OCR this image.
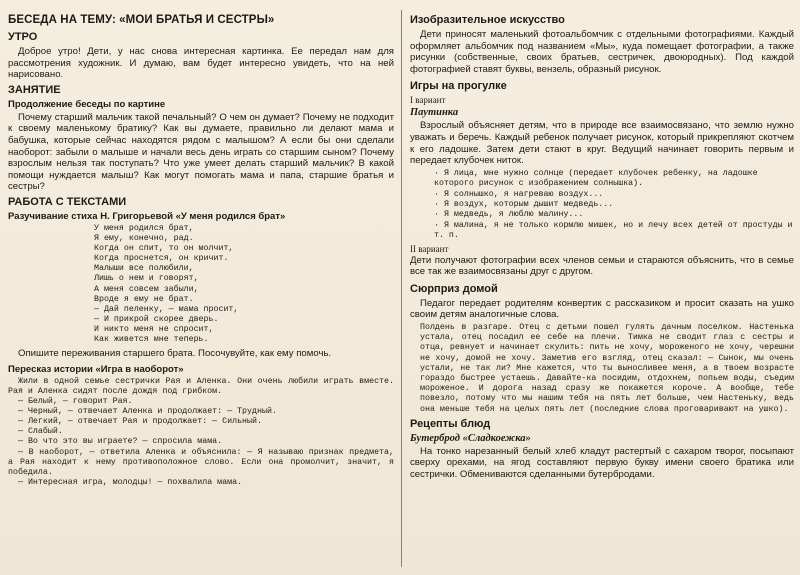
БЕСЕДА НА ТЕМУ: «МОИ БРАТЬЯ И СЕСТРЫ»
УТРО
Доброе утро! Дети, у нас снова интересная картинка. Ее передал нам для рассмотрения художник. И думаю, вам будет интересно увидеть, что на ней нарисовано.
ЗАНЯТИЕ
Продолжение беседы по картине
Почему старший мальчик такой печальный? О чем он думает? Почему не подходит к своему маленькому братику? Как вы думаете, правильно ли делают мама и бабушка, которые сейчас находятся рядом с малышом? А если бы они сделали наоборот: забыли о малыше и начали весь день играть со старшим сыном? Почему взрослым нельзя так поступать? Что уже умеет делать старший мальчик? В какой помощи нуждается малыш? Как могут помогать мама и папа, старшие братья и сестры?
РАБОТА С ТЕКСТАМИ
Разучивание стиха Н. Григорьевой «У меня родился брат»
У меня родился брат,
Я ему, конечно, рад.
Когда он спит, то он молчит,
Когда проснется, он кричит.
Малыши все полюбили,
Лишь о нем и говорят,
А меня совсем забыли,
Вроде я ему не брат.
— Дай пеленку, — мама просит,
— И прикрой скорее дверь.
И никто меня не спросит,
Как живется мне теперь.
Опишите переживания старшего брата. Посочувуйте, как ему помочь.
Пересказ истории «Игра в наоборот»
Жили в одной семье сестрички Рая и Аленка. Они очень любили играть вместе. Рая и Аленка сидят после дождя под грибком.
— Белый, — говорит Рая.
— Черный, — отвечает Аленка и продолжает: — Трудный.
— Легкий, — отвечает Рая и продолжает: — Сильный.
— Слабый.
— Во что это вы играете? — спросила мама.
— В наоборот, — ответила Аленка и объяснила: — Я называю признак предмета, а Рая находит к нему противоположное слово. Если она промолчит, значит, я победила.
— Интересная игра, молодцы! — похвалила мама.
Изобразительное искусство
Дети приносят маленький фотоальбомчик с отдельными фотографиями. Каждый оформляет альбомчик под названием «Мы», куда помещает фотографии, а также рисунки (собственные, своих братьев, сестричек, двоюродных). Под каждой фотографией ставят буквы, вензель, образный рисунок.
Игры на прогулке
I вариант
Паутинка
Взрослый объясняет детям, что в природе все взаимосвязано, что землю нужно уважать и беречь. Каждый ребенок получает рисунок, который прикрепляют скотчем к его ладошке. Затем дети стают в круг. Ведущий начинает говорить первым и передает клубочек ниток.
· Я лица, мне нужно солнце (передает клубочек ребенку, на ладошке которого рисунок с изображением солнышка).
· Я солнышко, я нагреваю воздух...
· Я воздух, которым дышит медведь...
· Я медведь, я люблю малину...
· Я малина, я не только кормлю мишек, но и лечу всех детей от простуды и т. п.
II вариант
Дети получают фотографии всех членов семьи и стараются объяснить, что в семье все так же взаимосвязаны друг с другом.
Сюрприз домой
Педагог передает родителям конвертик с рассказиком и просит сказать на ушко своим детям аналогичные слова.
Полдень в разгаре. Отец с детьми пошел гулять дачным поселком. Настенька устала, отец посадил ее себе на плечи. Тимка не сводит глаз с сестры и отца, ревнует и начинает скулить: пить не хочу, мороженого не хочу, черешни не хочу, домой не хочу. Заметив его взгляд, отец сказал: — Сынок, мы очень устали, не так ли? Мне кажется, что ты выносливее меня, а в твоем возрасте гораздо быстрее устаешь. Давайте-ка посидим, отдохнем, попьем воды, съедим мороженое. И дорога назад сразу же покажется короче. А вообще, тебе повезло, потому что мы нашим тебя на пять лет больше, чем Настеньку, ведь она меньше тебя на целых пять лет (последние слова проговаривают на ушко).
Рецепты блюд
Бутерброд «Сладкоежка»
На тонко нарезанный белый хлеб кладут растертый с сахаром творог, посыпают сверху орехами, на ягод составляют первую букву имени своего братика или сестрички. Обмениваются сделанными бутербродами.
